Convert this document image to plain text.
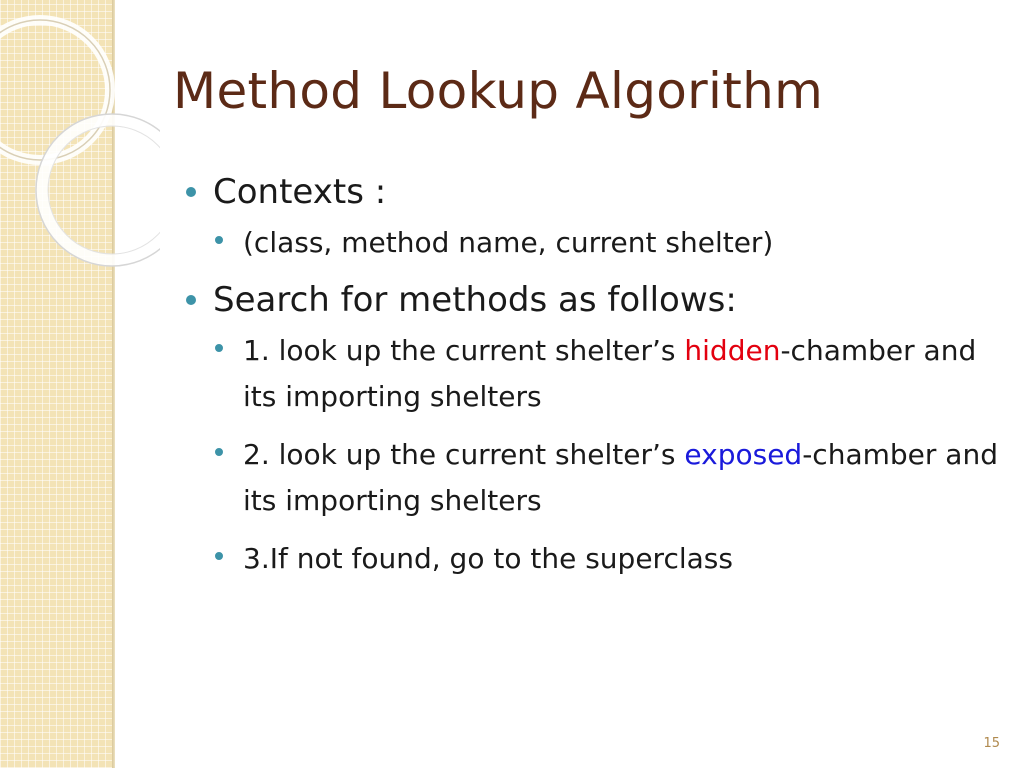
Method Lookup Algorithm
Contexts :
(class, method name, current shelter)
Search for methods as follows:
1. look up the current shelter’s hidden-chamber and its importing shelters
2. look up the current shelter’s exposed-chamber and its importing shelters
3.If not found, go to the superclass
15
